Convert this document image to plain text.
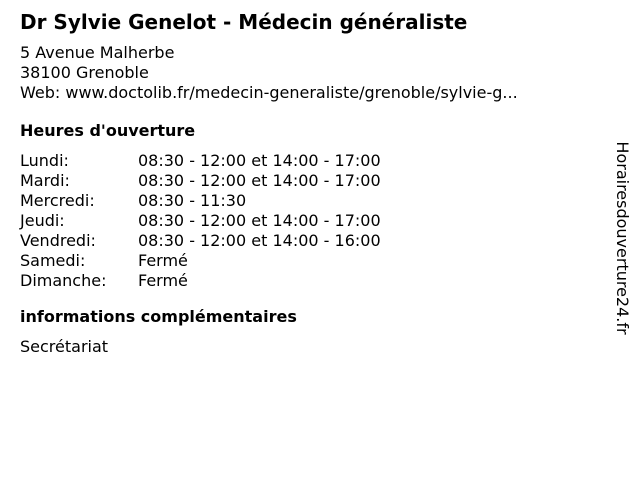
Dr Sylvie Genelot - Médecin généraliste
5 Avenue Malherbe
38100 Grenoble
Web: www.doctolib.fr/medecin-generaliste/grenoble/sylvie-g...
Heures d'ouverture
Lundi:	08:30 - 12:00 et 14:00 - 17:00
Mardi:	08:30 - 12:00 et 14:00 - 17:00
Mercredi:	08:30 - 11:30
Jeudi:	08:30 - 12:00 et 14:00 - 17:00
Vendredi:	08:30 - 12:00 et 14:00 - 16:00
Samedi:	Fermé
Dimanche:	Fermé
informations complémentaires
Secrétariat
Horairesdouverture24.fr
